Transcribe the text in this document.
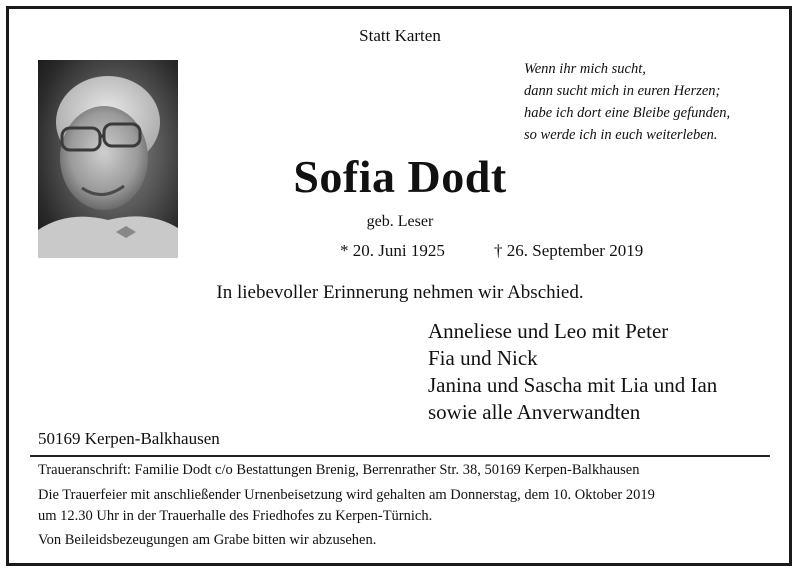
Statt Karten
Wenn ihr mich sucht,
dann sucht mich in euren Herzen;
habe ich dort eine Bleibe gefunden,
so werde ich in euch weiterleben.
Sofia Dodt
geb. Leser
* 20. Juni 1925	† 26. September 2019
In liebevoller Erinnerung nehmen wir Abschied.
Anneliese und Leo mit Peter
Fia und Nick
Janina und Sascha mit Lia und Ian
sowie alle Anverwandten
50169 Kerpen-Balkhausen
Traueranschrift: Familie Dodt c/o Bestattungen Brenig, Berrenrather Str. 38, 50169 Kerpen-Balkhausen
Die Trauerfeier mit anschließender Urnenbeisetzung wird gehalten am Donnerstag, dem 10. Oktober 2019
um 12.30 Uhr in der Trauerhalle des Friedhofes zu Kerpen-Türnich.
Von Beileidsbezeugungen am Grabe bitten wir abzusehen.
